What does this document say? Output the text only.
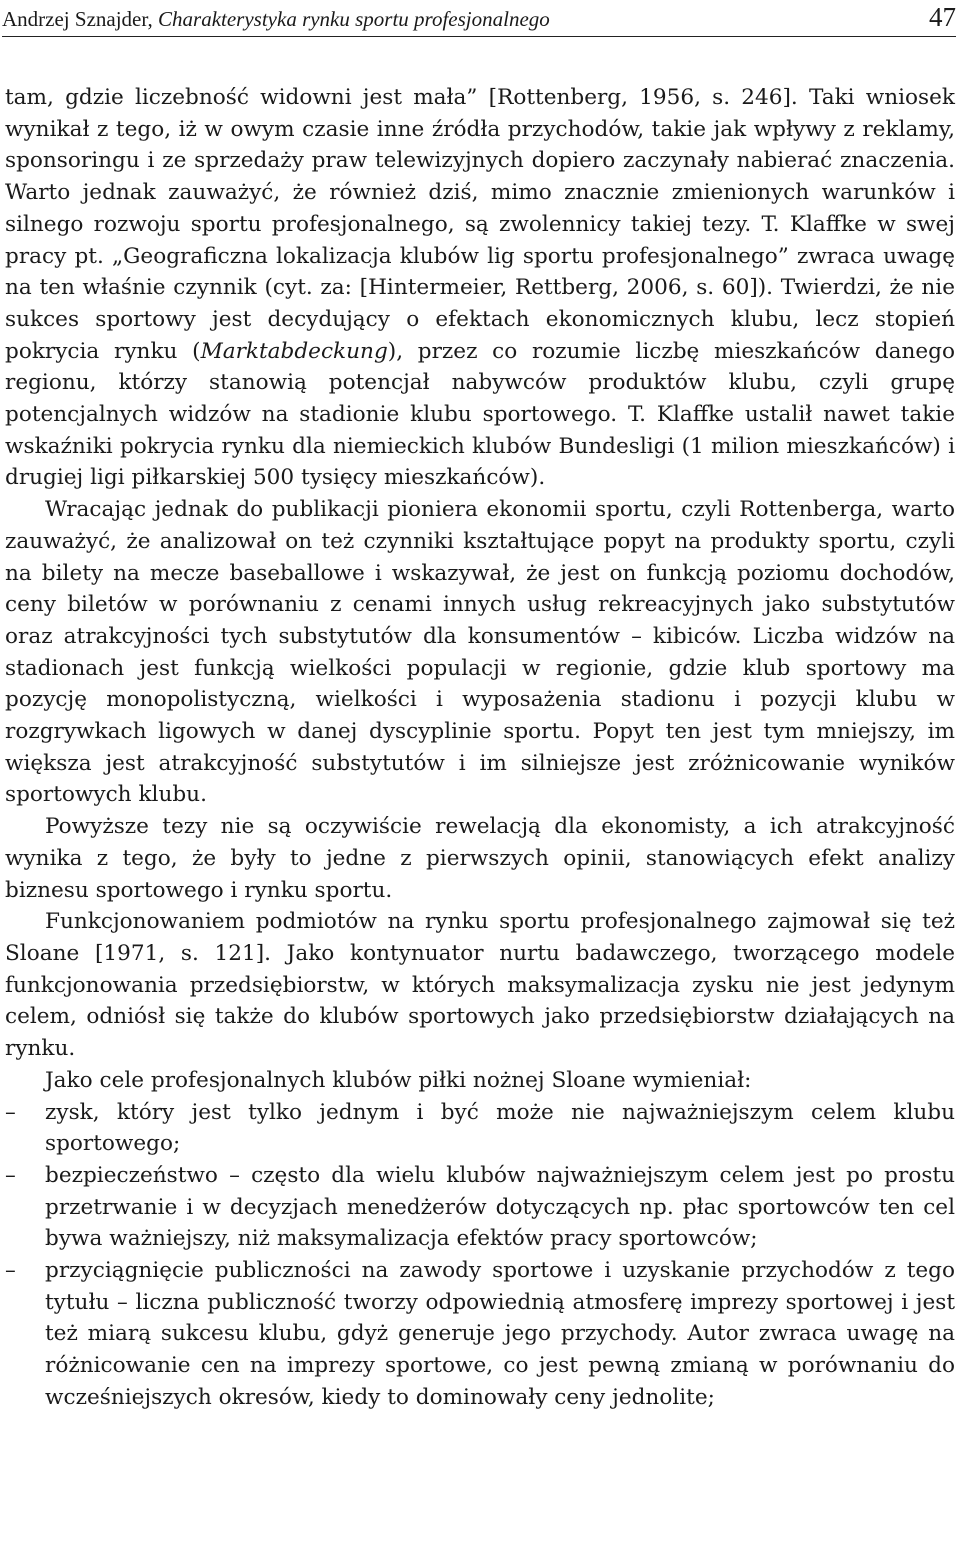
Andrzej Sznajder, Charakterystyka rynku sportu profesjonalnego	47

tam, gdzie liczebność widowni jest mała” [Rottenberg, 1956, s. 246]. Taki wniosek wynikał z tego, iż w owym czasie inne źródła przychodów, takie jak wpływy z reklamy, sponsoringu i ze sprzedaży praw telewizyjnych dopiero zaczynały nabierać znaczenia. Warto jednak zauważyć, że również dziś, mimo znacznie zmienionych warunków i silnego rozwoju sportu profesjonalnego, są zwolennicy takiej tezy. T. Klaffke w swej pracy pt. „Geograficzna lokalizacja klubów lig sportu profesjonalnego” zwraca uwagę na ten właśnie czynnik (cyt. za: [Hintermeier, Rettberg, 2006, s. 60]). Twierdzi, że nie sukces sportowy jest decydujący o efektach ekonomicznych klubu, lecz stopień pokrycia rynku (Marktabdeckung), przez co rozumie liczbę mieszkańców danego regionu, którzy stanowią potencjał nabywców produktów klubu, czyli grupę potencjalnych widzów na stadionie klubu sportowego. T. Klaffke ustalił nawet takie wskaźniki pokrycia rynku dla niemieckich klubów Bundesligi (1 milion mieszkańców) i drugiej ligi piłkarskiej 500 tysięcy mieszkańców).

Wracając jednak do publikacji pioniera ekonomii sportu, czyli Rottenberga, warto zauważyć, że analizował on też czynniki kształtujące popyt na produkty sportu, czyli na bilety na mecze baseballowe i wskazywał, że jest on funkcją poziomu dochodów, ceny biletów w porównaniu z cenami innych usług rekreacyjnych jako substytutów oraz atrakcyjności tych substytutów dla konsumentów – kibiców. Liczba widzów na stadionach jest funkcją wielkości populacji w regionie, gdzie klub sportowy ma pozycję monopolistyczną, wielkości i wyposażenia stadionu i pozycji klubu w rozgrywkach ligowych w danej dyscyplinie sportu. Popyt ten jest tym mniejszy, im większa jest atrakcyjność substytutów i im silniejsze jest zróżnicowanie wyników sportowych klubu.

Powyższe tezy nie są oczywiście rewelacją dla ekonomisty, a ich atrakcyjność wynika z tego, że były to jedne z pierwszych opinii, stanowiących efekt analizy biznesu sportowego i rynku sportu.

Funkcjonowaniem podmiotów na rynku sportu profesjonalnego zajmował się też Sloane [1971, s. 121]. Jako kontynuator nurtu badawczego, tworzącego modele funkcjonowania przedsiębiorstw, w których maksymalizacja zysku nie jest jedynym celem, odniósł się także do klubów sportowych jako przedsiębiorstw działających na rynku.

Jako cele profesjonalnych klubów piłki nożnej Sloane wymieniał:

– zysk, który jest tylko jednym i być może nie najważniejszym celem klubu sportowego;
– bezpieczeństwo – często dla wielu klubów najważniejszym celem jest po prostu przetrwanie i w decyzjach menedżerów dotyczących np. płac sportowców ten cel bywa ważniejszy, niż maksymalizacja efektów pracy sportowców;
– przyciągnięcie publiczności na zawody sportowe i uzyskanie przychodów z tego tytułu – liczna publiczność tworzy odpowiednią atmosferę imprezy sportowej i jest też miarą sukcesu klubu, gdyż generuje jego przychody. Autor zwraca uwagę na różnicowanie cen na imprezy sportowe, co jest pewną zmianą w porównaniu do wcześniejszych okresów, kiedy to dominowały ceny jednolite;
